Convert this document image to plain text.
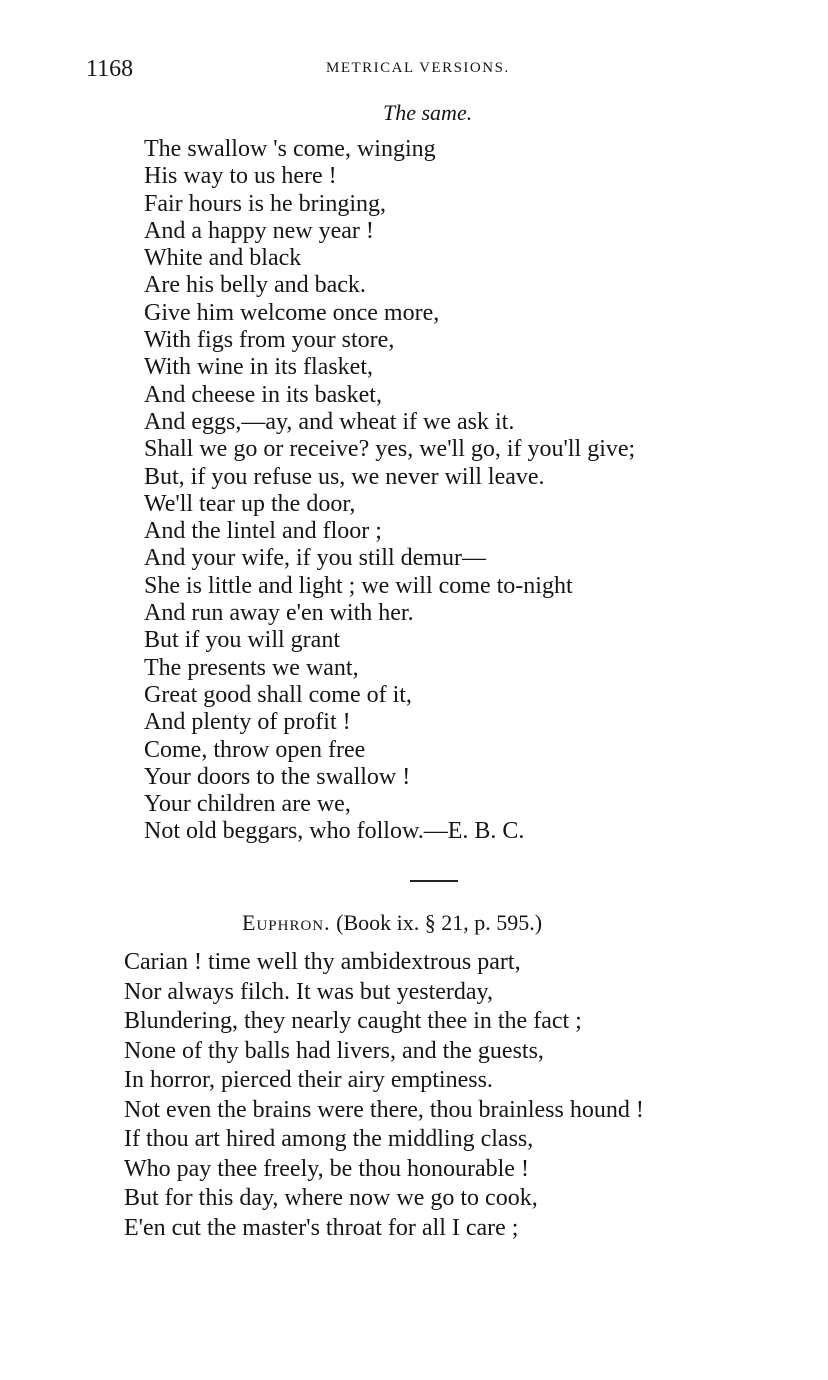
1168	METRICAL VERSIONS.
The same.
The swallow 's come, winging
His way to us here !
Fair hours is he bringing,
And a happy new year !
White and black
Are his belly and back.
Give him welcome once more,
With figs from your store,
With wine in its flasket,
And cheese in its basket,
And eggs,—ay, and wheat if we ask it.
Shall we go or receive? yes, we'll go, if you'll give;
But, if you refuse us, we never will leave.
We'll tear up the door,
And the lintel and floor ;
And your wife, if you still demur—
She is little and light ; we will come to-night
And run away e'en with her.
But if you will grant
The presents we want,
Great good shall come of it,
And plenty of profit !
Come, throw open free
Your doors to the swallow !
Your children are we,
Not old beggars, who follow.—E. B. C.
Euphron. (Book ix. § 21, p. 595.)
Carian ! time well thy ambidextrous part,
Nor always filch. It was but yesterday,
Blundering, they nearly caught thee in the fact ;
None of thy balls had livers, and the guests,
In horror, pierced their airy emptiness.
Not even the brains were there, thou brainless hound !
If thou art hired among the middling class,
Who pay thee freely, be thou honourable !
But for this day, where now we go to cook,
E'en cut the master's throat for all I care ;
